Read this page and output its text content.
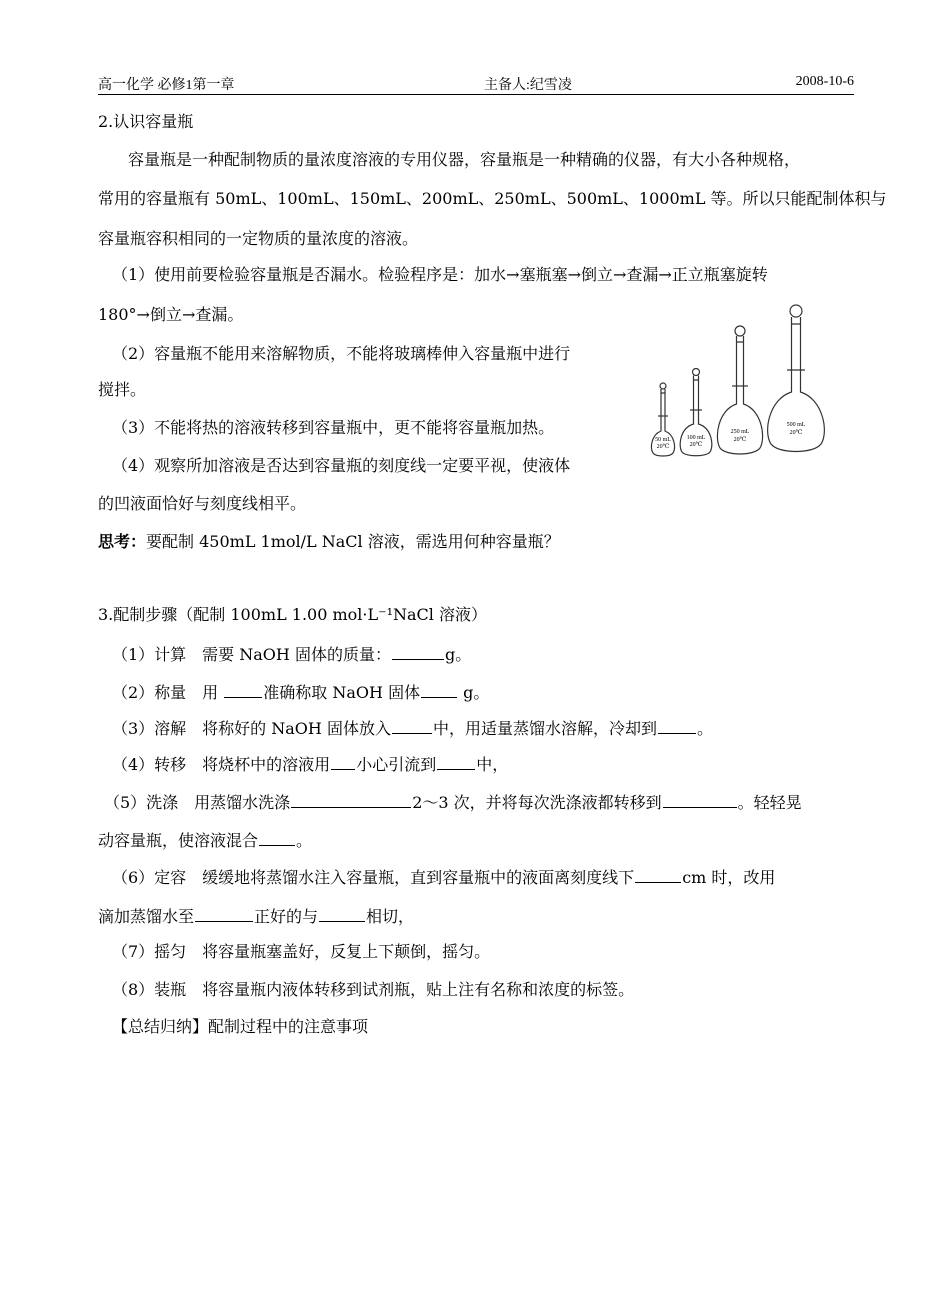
高一化学 必修1第一章	主备人:纪雪凌	2008-10-6
2.认识容量瓶
容量瓶是一种配制物质的量浓度溶液的专用仪器，容量瓶是一种精确的仪器，有大小各种规格，
常用的容量瓶有 50mL、100mL、150mL、200mL、250mL、500mL、1000mL 等。所以只能配制体积与
容量瓶容积相同的一定物质的量浓度的溶液。
（1）使用前要检验容量瓶是否漏水。检验程序是：加水→塞瓶塞→倒立→查漏→正立瓶塞旋转
180°→倒立→查漏。
（2）容量瓶不能用来溶解物质，不能将玻璃棒伸入容量瓶中进行
搅拌。
（3）不能将热的溶液转移到容量瓶中，更不能将容量瓶加热。
（4）观察所加溶液是否达到容量瓶的刻度线一定要平视，使液体
的凹液面恰好与刻度线相平。
思考：要配制 450mL 1mol/L NaCl 溶液，需选用何种容量瓶？
50 mL
20℃
100 mL
20℃
250 mL
20℃
500 mL
20℃
3.配制步骤（配制 100mL 1.00 mol·L⁻¹NaCl 溶液）
（1）计算　需要 NaOH 固体的质量：	g。
（2）称量　用	准确称取 NaOH 固体 g。
（3）溶解　将称好的 NaOH 固体放入	中，用适量蒸馏水溶解，冷却到	。
（4）转移　将烧杯中的溶液用 小心引流到	中，
（5）洗涤　用蒸馏水洗涤	2～3 次，并将每次洗涤液都转移到	。轻轻晃
动容量瓶，使溶液混合 。
（6）定容　缓缓地将蒸馏水注入容量瓶，直到容量瓶中的液面离刻度线下	cm 时，改用
滴加蒸馏水至	正好的与	相切，
（7）摇匀　将容量瓶塞盖好，反复上下颠倒，摇匀。
（8）装瓶　将容量瓶内液体转移到试剂瓶，贴上注有名称和浓度的标签。
【总结归纳】配制过程中的注意事项
